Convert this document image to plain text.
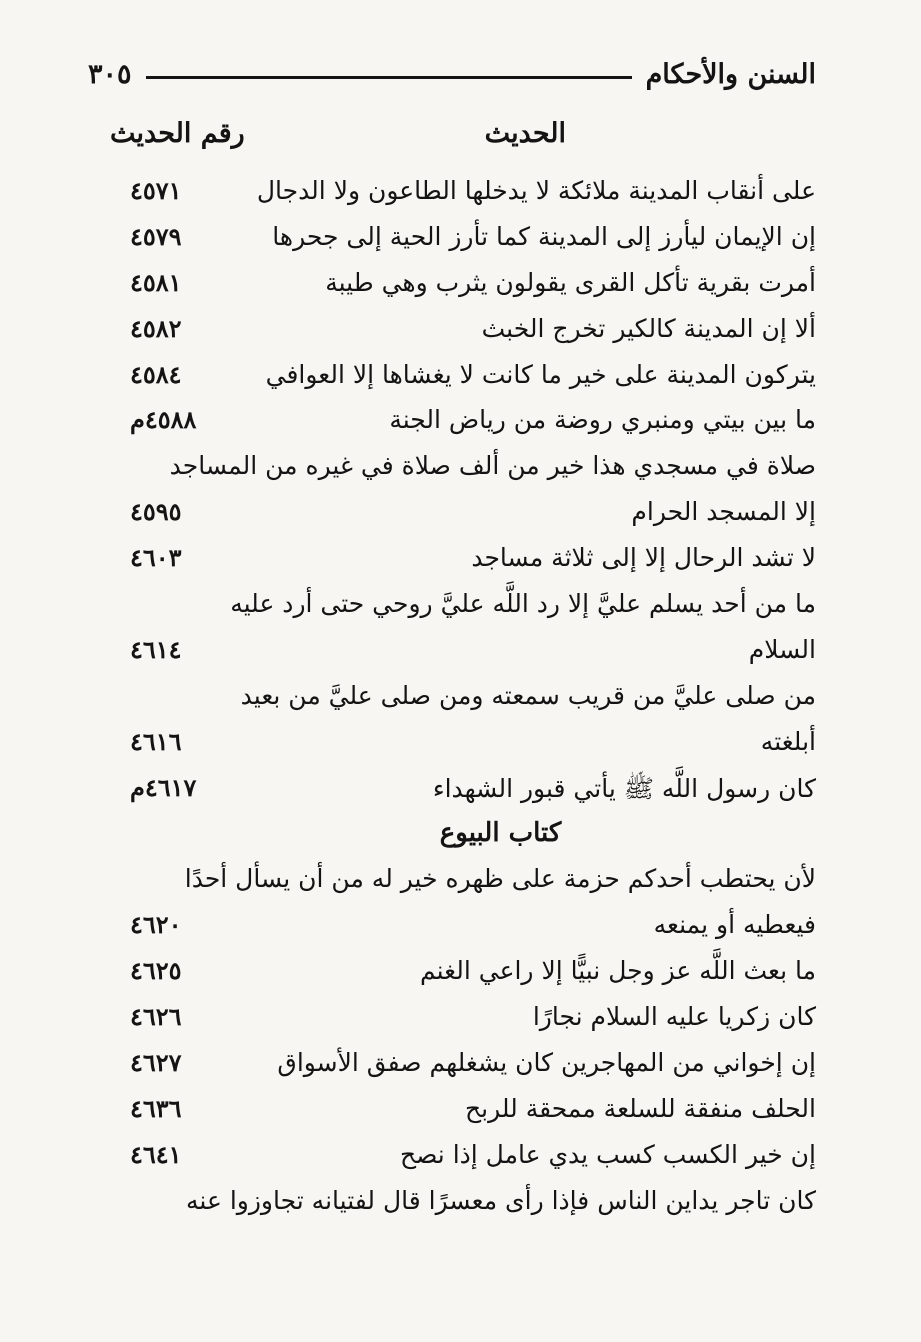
السنن والأحكام
٣٠٥
الحديث
رقم الحديث
على أنقاب المدينة ملائكة لا يدخلها الطاعون ولا الدجال
٤٥٧١
إن الإيمان ليأرز إلى المدينة كما تأرز الحية إلى جحرها
٤٥٧٩
أمرت بقرية تأكل القرى يقولون يثرب وهي طيبة
٤٥٨١
ألا إن المدينة كالكير تخرج الخبث
٤٥٨٢
يتركون المدينة على خير ما كانت لا يغشاها إلا العوافي
٤٥٨٤
ما بين بيتي ومنبري روضة من رياض الجنة
٤٥٨٨م
صلاة في مسجدي هذا خير من ألف صلاة في غيره من المساجد
إلا المسجد الحرام
٤٥٩٥
لا تشد الرحال إلا إلى ثلاثة مساجد
٤٦٠٣
ما من أحد يسلم عليَّ إلا رد اللَّه عليَّ روحي حتى أرد عليه
السلام
٤٦١٤
من صلى عليَّ من قريب سمعته ومن صلى عليَّ من بعيد
أبلغته
٤٦١٦
كان رسول اللَّه ﷺ يأتي قبور الشهداء
٤٦١٧م
كتاب البيوع
لأن يحتطب أحدكم حزمة على ظهره خير له من أن يسأل أحدًا
فيعطيه أو يمنعه
٤٦٢٠
ما بعث اللَّه عز وجل نبيًّا إلا راعي الغنم
٤٦٢٥
كان زكريا عليه السلام نجارًا
٤٦٢٦
إن إخواني من المهاجرين كان يشغلهم صفق الأسواق
٤٦٢٧
الحلف منفقة للسلعة ممحقة للربح
٤٦٣٦
إن خير الكسب كسب يدي عامل إذا نصح
٤٦٤١
كان تاجر يداين الناس فإذا رأى معسرًا قال لفتيانه تجاوزوا عنه
